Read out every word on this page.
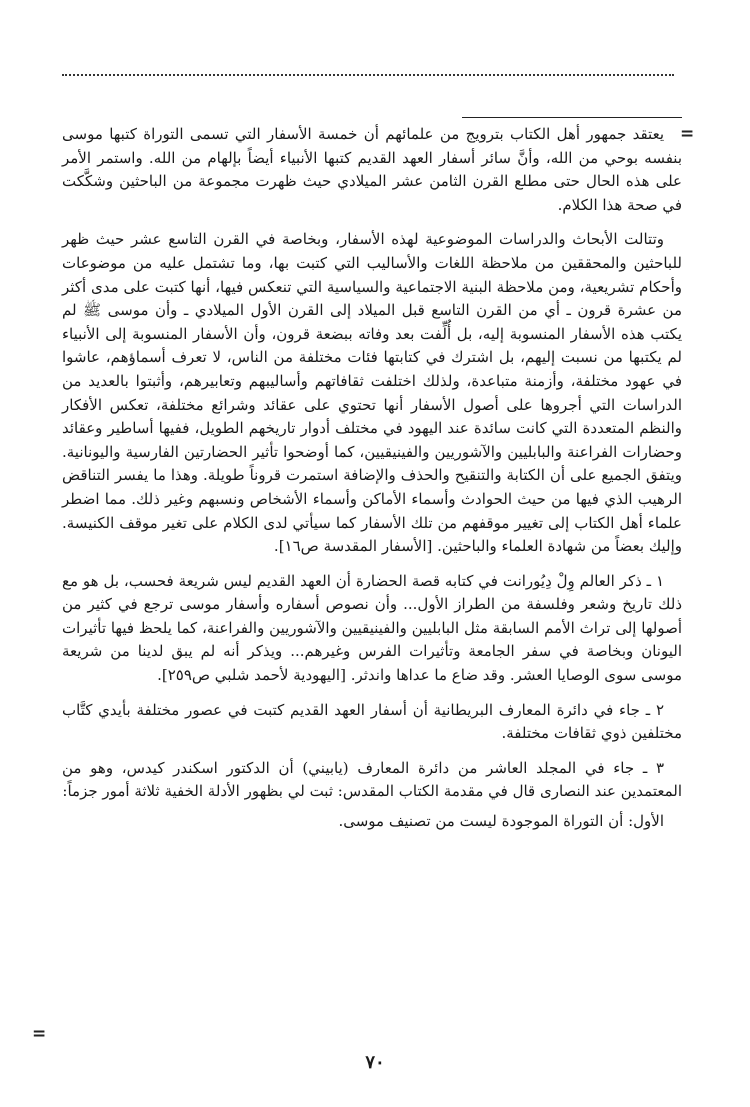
=

يعتقد جمهور أهل الكتاب بترويج من علمائهم أن خمسة الأسفار التي تسمى التوراة كتبها موسى بنفسه بوحي من الله، وأنَّ سائر أسفار العهد القديم كتبها الأنبياء أيضاً بإلهام من الله. واستمر الأمر على هذه الحال حتى مطلع القرن الثامن عشر الميلادي حيث ظهرت مجموعة من الباحثين وشكَّكت في صحة هذا الكلام.

وتتالت الأبحاث والدراسات الموضوعية لهذه الأسفار، وبخاصة في القرن التاسع عشر حيث ظهر للباحثين والمحققين من ملاحظة اللغات والأساليب التي كتبت بها، وما تشتمل عليه من موضوعات وأحكام تشريعية، ومن ملاحظة البنية الاجتماعية والسياسية التي تنعكس فيها، أنها كتبت على مدى أكثر من عشرة قرون ـ أي من القرن التاسع قبل الميلاد إلى القرن الأول الميلادي ـ وأن موسى ﷺ لم يكتب هذه الأسفار المنسوبة إليه، بل أُلِّفت بعد وفاته ببضعة قرون، وأن الأسفار المنسوبة إلى الأنبياء لم يكتبها من نسبت إليهم، بل اشترك في كتابتها فئات مختلفة من الناس، لا تعرف أسماؤهم، عاشوا في عهود مختلفة، وأزمنة متباعدة، ولذلك اختلفت ثقافاتهم وأساليبهم وتعابيرهم، وأثبتوا بالعديد من الدراسات التي أجروها على أصول الأسفار أنها تحتوي على عقائد وشرائع مختلفة، تعكس الأفكار والنظم المتعددة التي كانت سائدة عند اليهود في مختلف أدوار تاريخهم الطويل، ففيها أساطير وعقائد وحضارات الفراعنة والبابليين والآشوريين والفينيقيين، كما أوضحوا تأثير الحضارتين الفارسية واليونانية. ويتفق الجميع على أن الكتابة والتنقيح والحذف والإضافة استمرت قروناً طويلة. وهذا ما يفسر التناقض الرهيب الذي فيها من حيث الحوادث وأسماء الأماكن وأسماء الأشخاص ونسبهم وغير ذلك. مما اضطر علماء أهل الكتاب إلى تغيير موقفهم من تلك الأسفار كما سيأتي لدى الكلام على تغير موقف الكنيسة. وإليك بعضاً من شهادة العلماء والباحثين. [الأسفار المقدسة ص١٦].

١ ـ ذكر العالم وِلْ دِيُورانت في كتابه قصة الحضارة أن العهد القديم ليس شريعة فحسب، بل هو مع ذلك تاريخ وشعر وفلسفة من الطراز الأول... وأن نصوص أسفاره وأسفار موسى ترجع في كثير من أصولها إلى تراث الأمم السابقة مثل البابليين والفينيقيين والآشوريين والفراعنة، كما يلحظ فيها تأثيرات اليونان وبخاصة في سفر الجامعة وتأثيرات الفرس وغيرهم... ويذكر أنه لم يبق لدينا من شريعة موسى سوى الوصايا العشر. وقد ضاع ما عداها واندثر. [اليهودية لأحمد شلبي ص٢٥٩].

٢ ـ جاء في دائرة المعارف البريطانية أن أسفار العهد القديم كتبت في عصور مختلفة بأيدي كتَّاب مختلفين ذوي ثقافات مختلفة.

٣ ـ جاء في المجلد العاشر من دائرة المعارف (يابيني) أن الدكتور اسكندر كيدس، وهو من المعتمدين عند النصارى قال في مقدمة الكتاب المقدس: ثبت لي بظهور الأدلة الخفية ثلاثة أمور جزماً:

الأول: أن التوراة الموجودة ليست من تصنيف موسى.

=
٧٠
